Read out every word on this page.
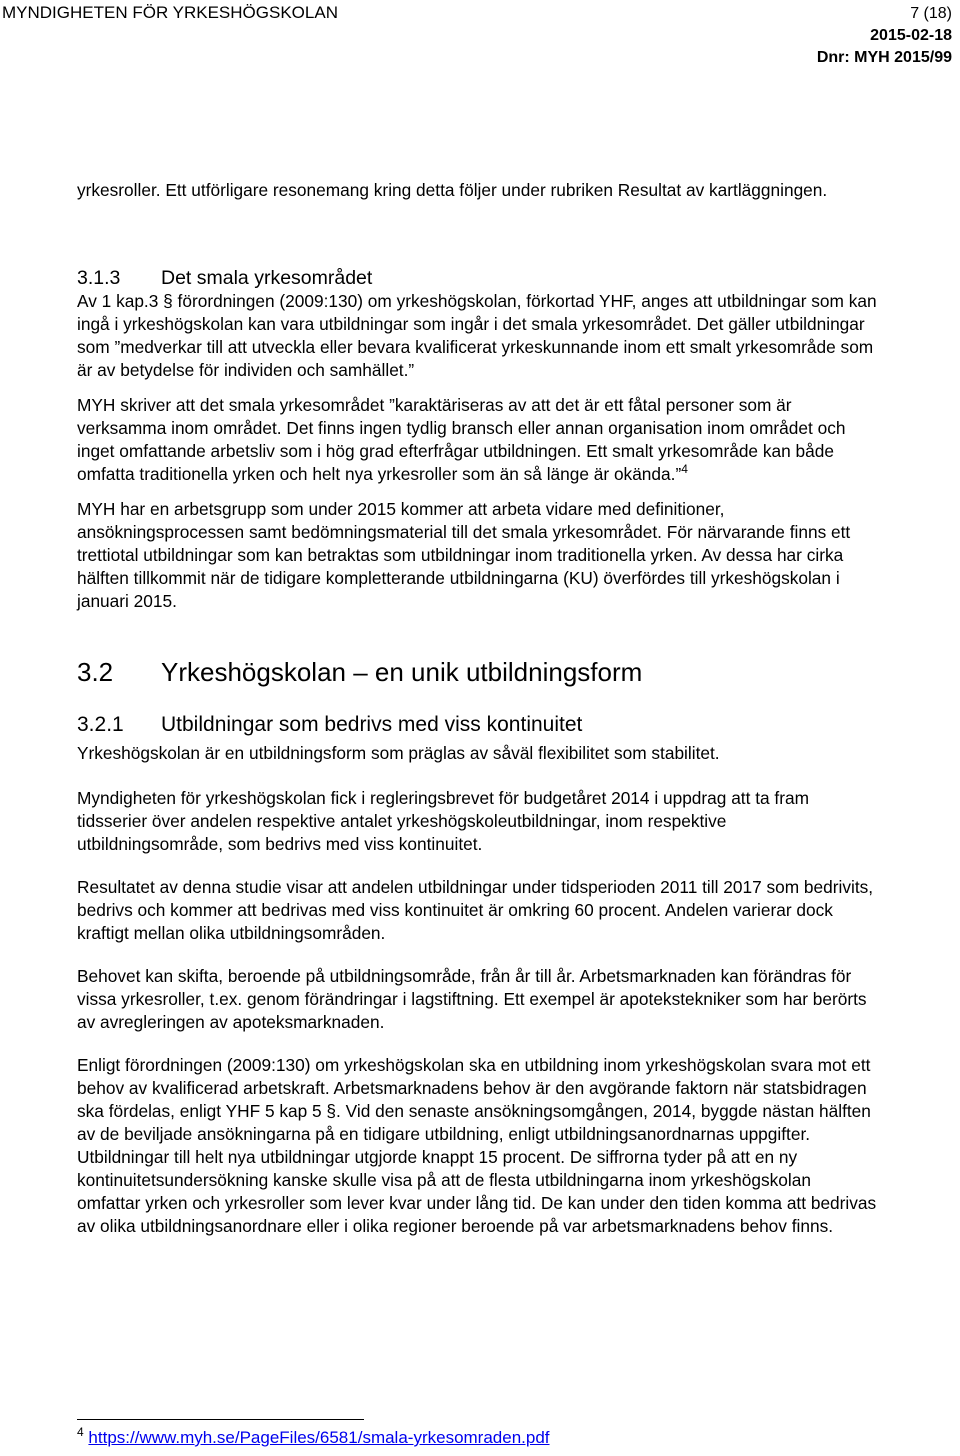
MYNDIGHETEN FÖR YRKESHÖGSKOLAN	7 (18)
2015-02-18
Dnr: MYH 2015/99

yrkesroller. Ett utförligare resonemang kring detta följer under rubriken Resultat av kartläggningen.

3.1.3 Det smala yrkesområdet

Av 1 kap.3 § förordningen (2009:130) om yrkeshögskolan, förkortad YHF, anges att utbildningar som kan ingå i yrkeshögskolan kan vara utbildningar som ingår i det smala yrkesområdet. Det gäller utbildningar som ”medverkar till att utveckla eller bevara kvalificerat yrkeskunnande inom ett smalt yrkesområde som är av betydelse för individen och samhället.”

MYH skriver att det smala yrkesområdet ”karaktäriseras av att det är ett fåtal personer som är verksamma inom området. Det finns ingen tydlig bransch eller annan organisation inom området och inget omfattande arbetsliv som i hög grad efterfrågar utbildningen. Ett smalt yrkesområde kan både omfatta traditionella yrken och helt nya yrkesroller som än så länge är okända.”$^4$

MYH har en arbetsgrupp som under 2015 kommer att arbeta vidare med definitioner, ansökningsprocessen samt bedömningsmaterial till det smala yrkesområdet. För närvarande finns ett trettiotal utbildningar som kan betraktas som utbildningar inom traditionella yrken. Av dessa har cirka hälften tillkommit när de tidigare kompletterande utbildningarna (KU) överfördes till yrkeshögskolan i januari 2015.

3.2 Yrkeshögskolan – en unik utbildningsform
3.2.1 Utbildningar som bedrivs med viss kontinuitet

Yrkeshögskolan är en utbildningsform som präglas av såväl flexibilitet som stabilitet.

Myndigheten för yrkeshögskolan fick i regleringsbrevet för budgetåret 2014 i uppdrag att ta fram tidsserier över andelen respektive antalet yrkeshögskoleutbildningar, inom respektive utbildningsområde, som bedrivs med viss kontinuitet.

Resultatet av denna studie visar att andelen utbildningar under tidsperioden 2011 till 2017 som bedrivits, bedrivs och kommer att bedrivas med viss kontinuitet är omkring 60 procent. Andelen varierar dock kraftigt mellan olika utbildningsområden.

Behovet kan skifta, beroende på utbildningsområde, från år till år. Arbetsmarknaden kan förändras för vissa yrkesroller, t.ex. genom förändringar i lagstiftning. Ett exempel är apotekstekniker som har berörts av avregleringen av apoteksmarknaden.

Enligt förordningen (2009:130) om yrkeshögskolan ska en utbildning inom yrkeshögskolan svara mot ett behov av kvalificerad arbetskraft. Arbetsmarknadens behov är den avgörande faktorn när statsbidragen ska fördelas, enligt YHF 5 kap 5 §. Vid den senaste ansökningsomgången, 2014, byggde nästan hälften av de beviljade ansökningarna på en tidigare utbildning, enligt utbildningsanordnarnas uppgifter. Utbildningar till helt nya utbildningar utgjorde knappt 15 procent. De siffrorna tyder på att en ny kontinuitetsundersökning kanske skulle visa på att de flesta utbildningarna inom yrkeshögskolan omfattar yrken och yrkesroller som lever kvar under lång tid. De kan under den tiden komma att bedrivas av olika utbildningsanordnare eller i olika regioner beroende på var arbetsmarknadens behov finns.

$^4$ https://www.myh.se/PageFiles/6581/smala-yrkesomraden.pdf
